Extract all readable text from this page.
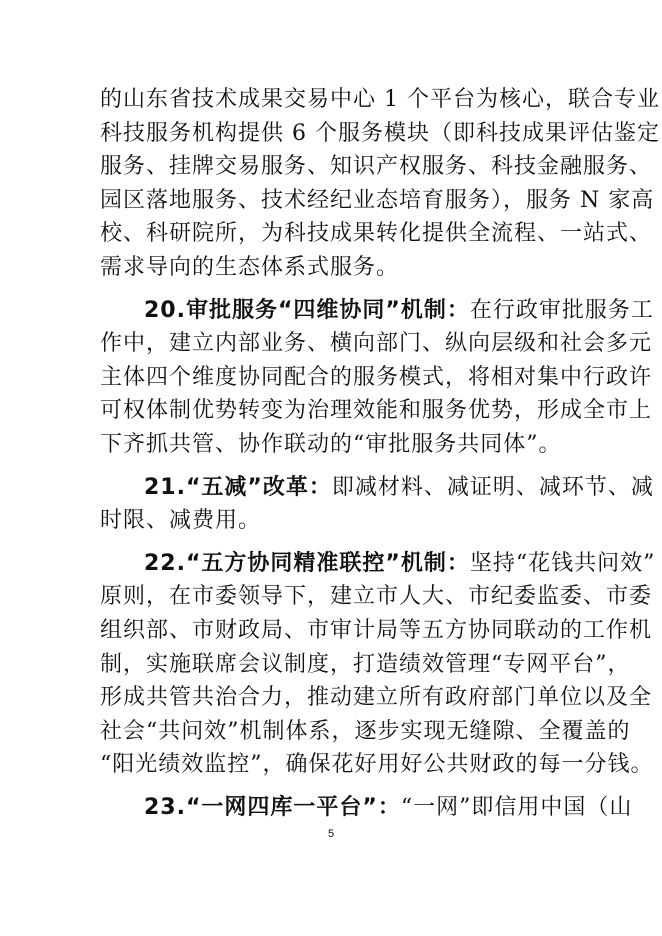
的山东省技术成果交易中心 1 个平台为核心，联合专业
科技服务机构提供 6 个服务模块（即科技成果评估鉴定
服务、挂牌交易服务、知识产权服务、科技金融服务、
园区落地服务、技术经纪业态培育服务），服务 N 家高
校、科研院所，为科技成果转化提供全流程、一站式、
需求导向的生态体系式服务。
20.审批服务“四维协同”机制：在行政审批服务工
作中，建立内部业务、横向部门、纵向层级和社会多元
主体四个维度协同配合的服务模式，将相对集中行政许
可权体制优势转变为治理效能和服务优势，形成全市上
下齐抓共管、协作联动的“审批服务共同体”。
21.“五减”改革：即减材料、减证明、减环节、减
时限、减费用。
22.“五方协同精准联控”机制：坚持“花钱共问效”
原则，在市委领导下，建立市人大、市纪委监委、市委
组织部、市财政局、市审计局等五方协同联动的工作机
制，实施联席会议制度，打造绩效管理“专网平台”，
形成共管共治合力，推动建立所有政府部门单位以及全
社会“共问效”机制体系，逐步实现无缝隙、全覆盖的
“阳光绩效监控”，确保花好用好公共财政的每一分钱。
23.“一网四库一平台”：“一网”即信用中国（山
5
